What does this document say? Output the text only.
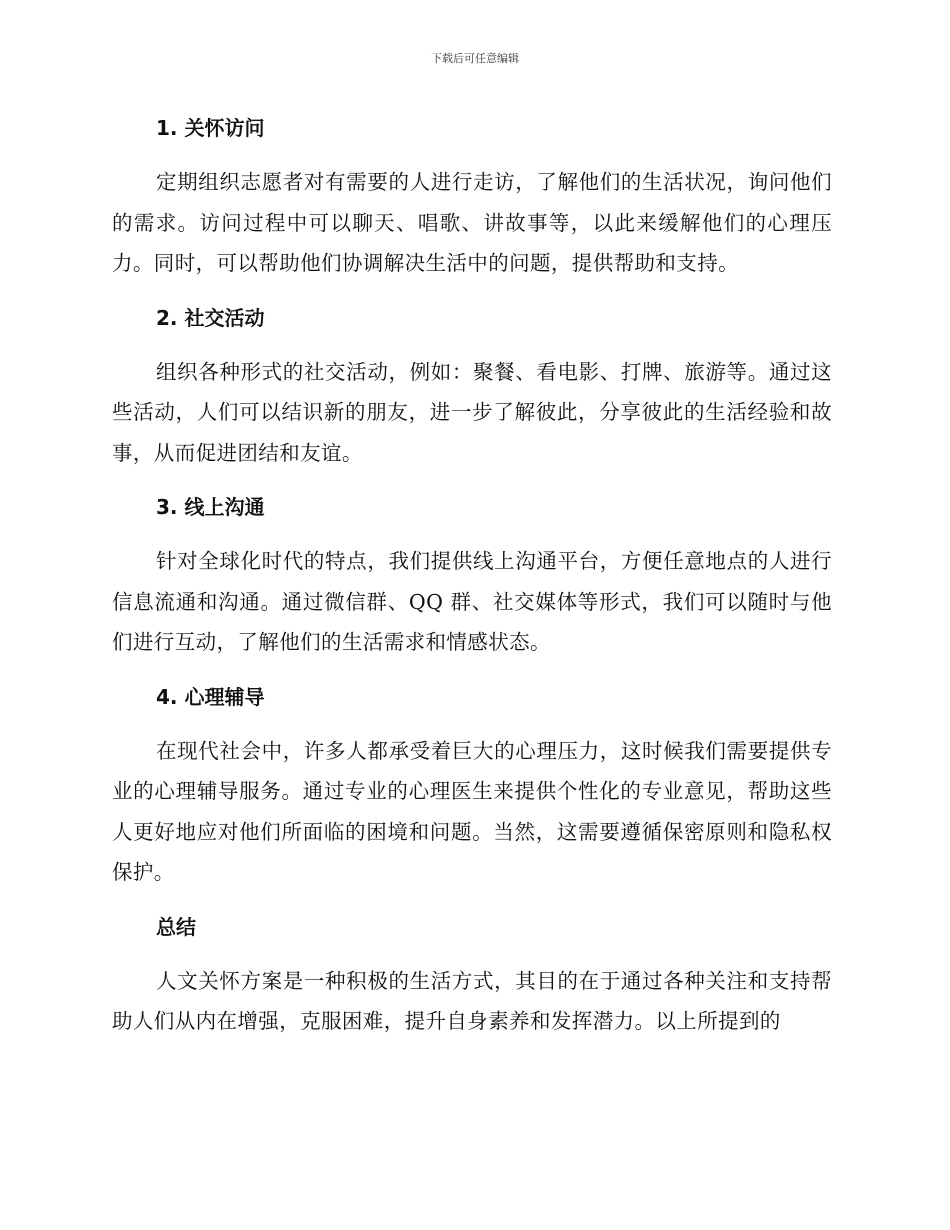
下载后可任意编辑
1. 关怀访问

定期组织志愿者对有需要的人进行走访，了解他们的生活状况，询问他们的需求。访问过程中可以聊天、唱歌、讲故事等，以此来缓解他们的心理压力。同时，可以帮助他们协调解决生活中的问题，提供帮助和支持。

2. 社交活动

组织各种形式的社交活动，例如：聚餐、看电影、打牌、旅游等。通过这些活动，人们可以结识新的朋友，进一步了解彼此，分享彼此的生活经验和故事，从而促进团结和友谊。

3. 线上沟通

针对全球化时代的特点，我们提供线上沟通平台，方便任意地点的人进行信息流通和沟通。通过微信群、QQ 群、社交媒体等形式，我们可以随时与他们进行互动，了解他们的生活需求和情感状态。

4. 心理辅导

在现代社会中，许多人都承受着巨大的心理压力，这时候我们需要提供专业的心理辅导服务。通过专业的心理医生来提供个性化的专业意见，帮助这些人更好地应对他们所面临的困境和问题。当然，这需要遵循保密原则和隐私权保护。

总结

人文关怀方案是一种积极的生活方式，其目的在于通过各种关注和支持帮助人们从内在增强，克服困难，提升自身素养和发挥潜力。以上所提到的
